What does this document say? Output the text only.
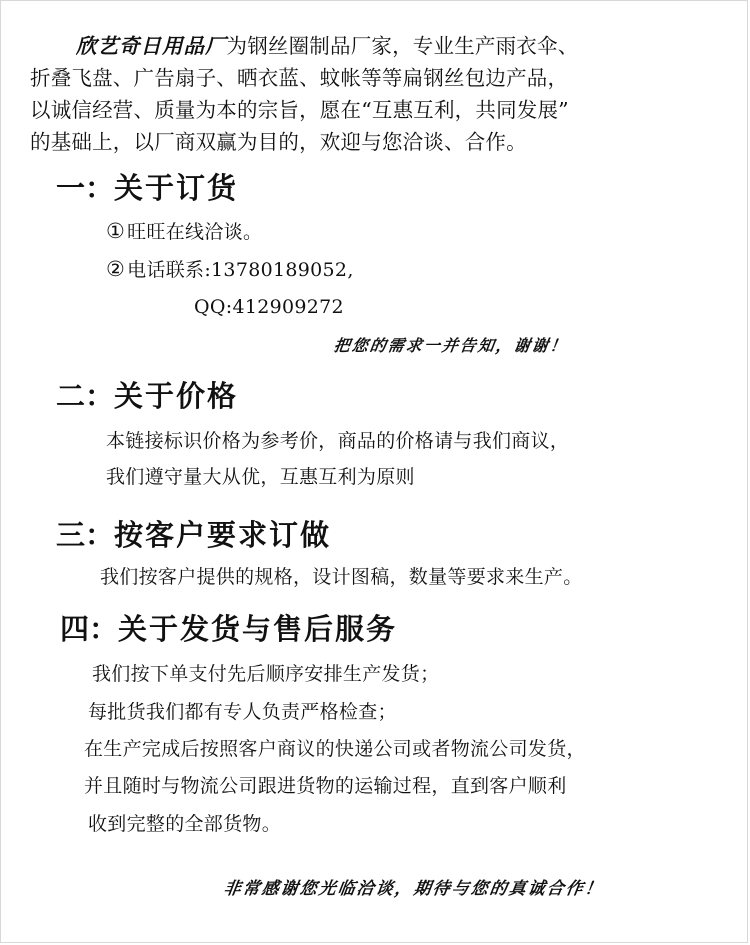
欣艺奇日用品厂为钢丝圈制品厂家，专业生产雨衣伞、
折叠飞盘、广告扇子、晒衣蓝、蚊帐等等扁钢丝包边产品，
以诚信经营、质量为本的宗旨，愿在“互惠互利，共同发展”
的基础上，以厂商双赢为目的，欢迎与您洽谈、合作。
一：关于订货
① 旺旺在线洽谈。
② 电话联系:13780189052,
QQ:412909272
把您的需求一并告知，谢谢！
二：关于价格
本链接标识价格为参考价，商品的价格请与我们商议，
我们遵守量大从优，互惠互利为原则
三：按客户要求订做
我们按客户提供的规格，设计图稿，数量等要求来生产。
四：关于发货与售后服务
我们按下单支付先后顺序安排生产发货；
每批货我们都有专人负责严格检查；
在生产完成后按照客户商议的快递公司或者物流公司发货，
并且随时与物流公司跟进货物的运输过程，直到客户顺利
收到完整的全部货物。
非常感谢您光临洽谈，期待与您的真诚合作！
